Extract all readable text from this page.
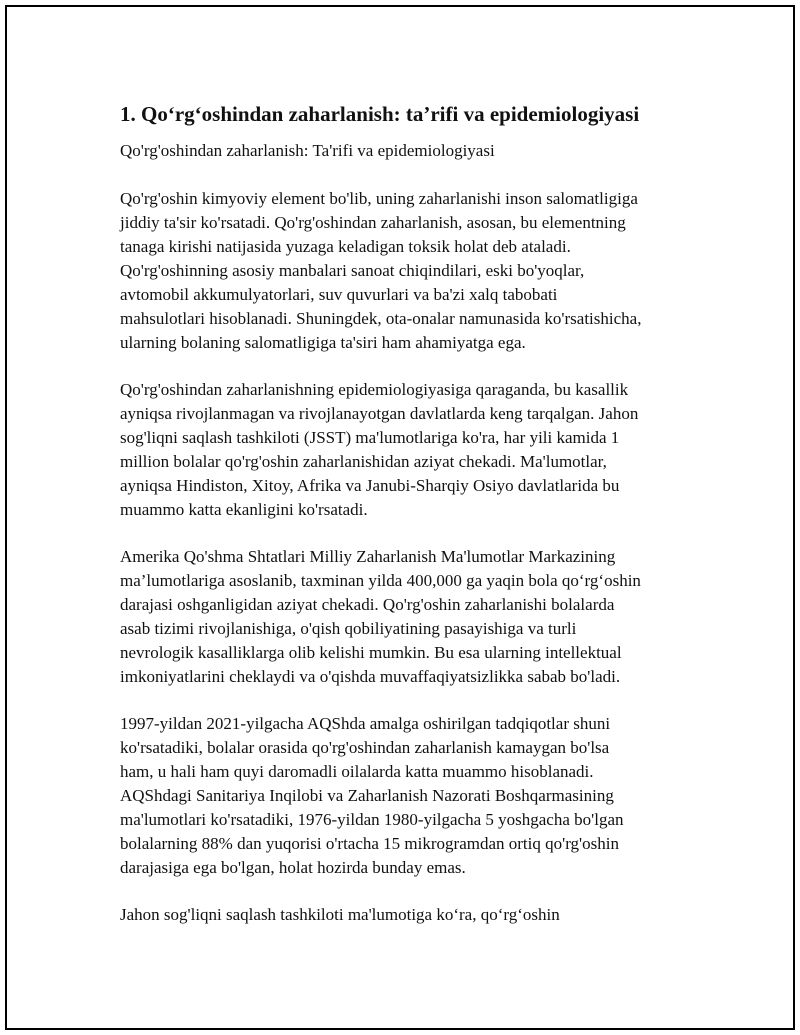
1. Qo‘rg‘oshindan zaharlanish: ta’rifi va epidemiologiyasi
Qo'rg'oshindan zaharlanish: Ta'rifi va epidemiologiyasi
Qo'rg'oshin kimyoviy element bo'lib, uning zaharlanishi inson salomatligiga
jiddiy ta'sir ko'rsatadi. Qo'rg'oshindan zaharlanish, asosan, bu elementning
tanaga kirishi natijasida yuzaga keladigan toksik holat deb ataladi.
Qo'rg'oshinning asosiy manbalari sanoat chiqindilari, eski bo'yoqlar,
avtomobil akkumulyatorlari, suv quvurlari va ba'zi xalq tabobati
mahsulotlari hisoblanadi. Shuningdek, ota-onalar namunasida ko'rsatishicha,
ularning bolaning salomatligiga ta'siri ham ahamiyatga ega.
Qo'rg'oshindan zaharlanishning epidemiologiyasiga qaraganda, bu kasallik
ayniqsa rivojlanmagan va rivojlanayotgan davlatlarda keng tarqalgan. Jahon
sog'liqni saqlash tashkiloti (JSST) ma'lumotlariga ko'ra, har yili kamida 1
million bolalar qo'rg'oshin zaharlanishidan aziyat chekadi. Ma'lumotlar,
ayniqsa Hindiston, Xitoy, Afrika va Janubi-Sharqiy Osiyo davlatlarida bu
muammo katta ekanligini ko'rsatadi.
Amerika Qo'shma Shtatlari Milliy Zaharlanish Ma'lumotlar Markazining
ma’lumotlariga asoslanib, taxminan yilda 400,000 ga yaqin bola qo‘rg‘oshin
darajasi oshganligidan aziyat chekadi. Qo'rg'oshin zaharlanishi bolalarda
asab tizimi rivojlanishiga, o'qish qobiliyatining pasayishiga va turli
nevrologik kasalliklarga olib kelishi mumkin. Bu esa ularning intellektual
imkoniyatlarini cheklaydi va o'qishda muvaffaqiyatsizlikka sabab bo'ladi.
1997-yildan 2021-yilgacha AQShda amalga oshirilgan tadqiqotlar shuni
ko'rsatadiki, bolalar orasida qo'rg'oshindan zaharlanish kamaygan bo'lsa
ham, u hali ham quyi daromadli oilalarda katta muammo hisoblanadi.
AQShdagi Sanitariya Inqilobi va Zaharlanish Nazorati Boshqarmasining
ma'lumotlari ko'rsatadiki, 1976-yildan 1980-yilgacha 5 yoshgacha bo'lgan
bolalarning 88% dan yuqorisi o'rtacha 15 mikrogramdan ortiq qo'rg'oshin
darajasiga ega bo'lgan, holat hozirda bunday emas.
Jahon sog'liqni saqlash tashkiloti ma'lumotiga ko‘ra, qo‘rg‘oshin
